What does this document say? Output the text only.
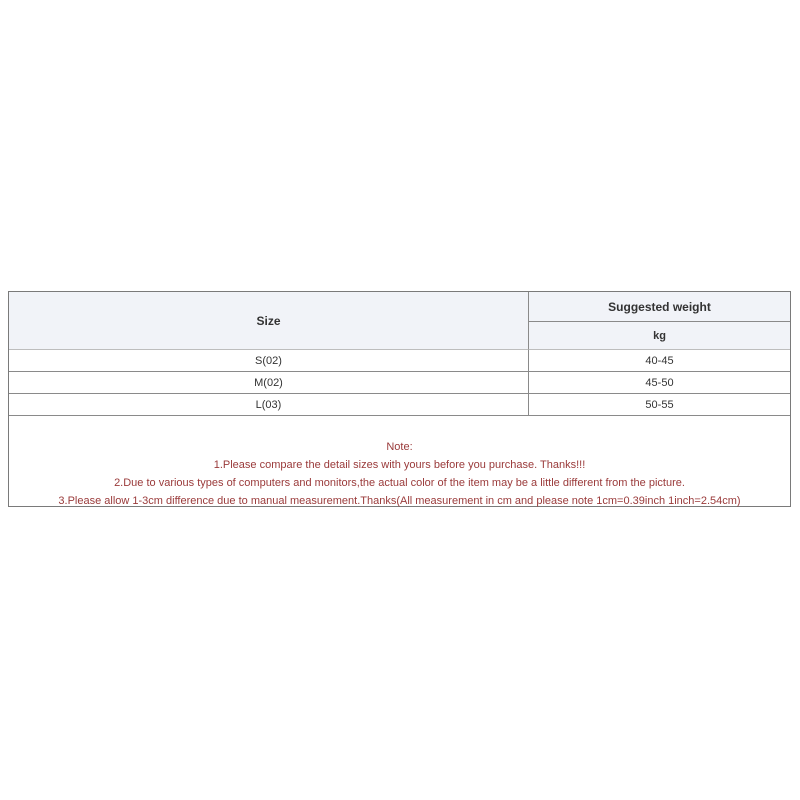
Size
Suggested weight
kg
S(02)	40-45
M(02)	45-50
L(03)	50-55
Note:
1.Please compare the detail sizes with yours before you purchase. Thanks!!!
2.Due to various types of computers and monitors,the actual color of the item may be a little different from the picture.
3.Please allow 1-3cm difference due to manual measurement.Thanks(All measurement in cm and please note 1cm=0.39inch 1inch=2.54cm)
